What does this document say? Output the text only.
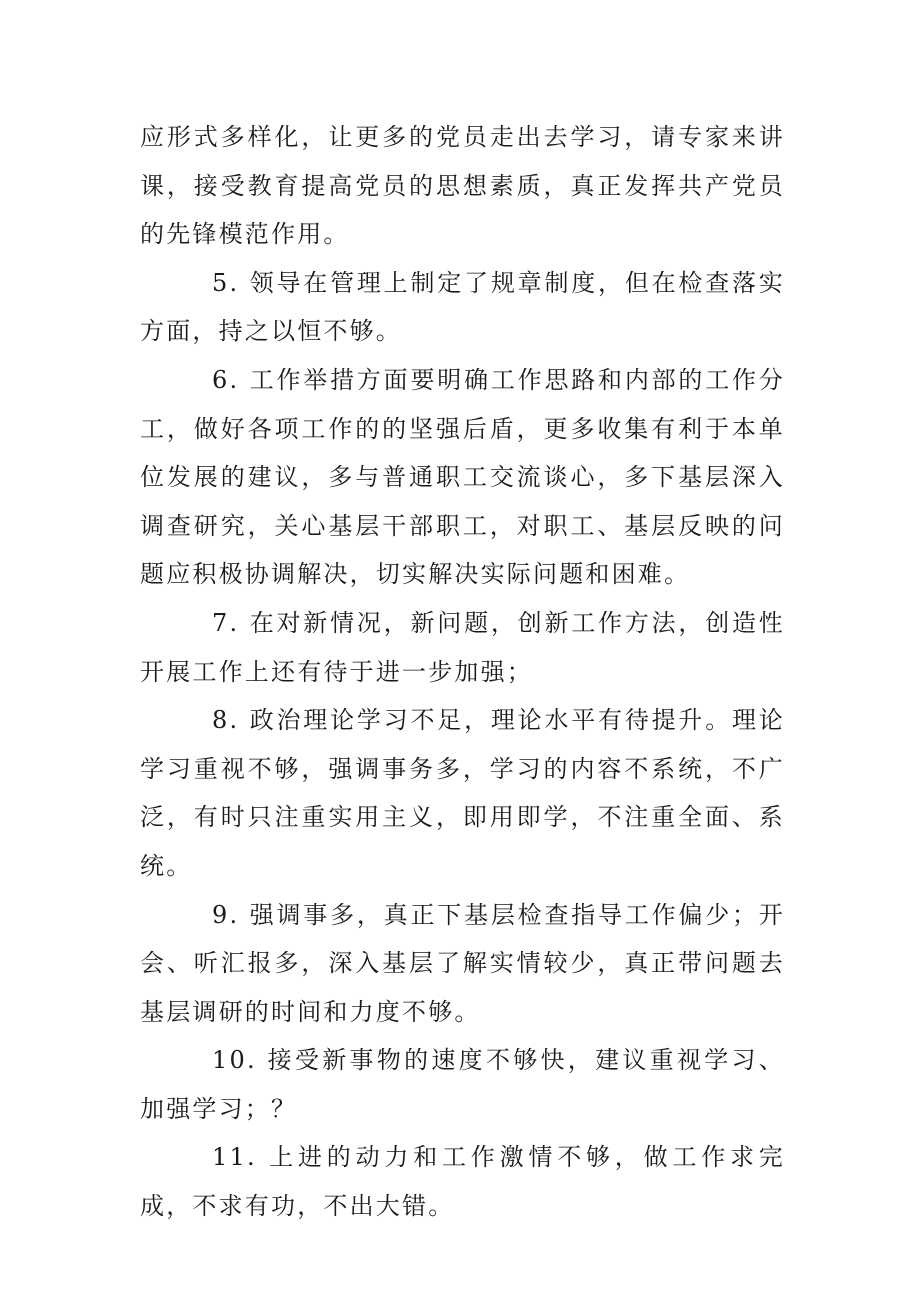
应形式多样化，让更多的党员走出去学习，请专家来讲课，接受教育提高党员的思想素质，真正发挥共产党员的先锋模范作用。

5. 领导在管理上制定了规章制度，但在检查落实方面，持之以恒不够。

6. 工作举措方面要明确工作思路和内部的工作分工，做好各项工作的的坚强后盾，更多收集有利于本单位发展的建议，多与普通职工交流谈心，多下基层深入调查研究，关心基层干部职工，对职工、基层反映的问题应积极协调解决，切实解决实际问题和困难。

7. 在对新情况，新问题，创新工作方法，创造性开展工作上还有待于进一步加强；

8. 政治理论学习不足，理论水平有待提升。理论学习重视不够，强调事务多，学习的内容不系统，不广泛，有时只注重实用主义，即用即学，不注重全面、系统。

9. 强调事多，真正下基层检查指导工作偏少；开会、听汇报多，深入基层了解实情较少，真正带问题去基层调研的时间和力度不够。

10. 接受新事物的速度不够快，建议重视学习、加强学习；？

11. 上进的动力和工作激情不够，做工作求完成，不求有功，不出大错。
